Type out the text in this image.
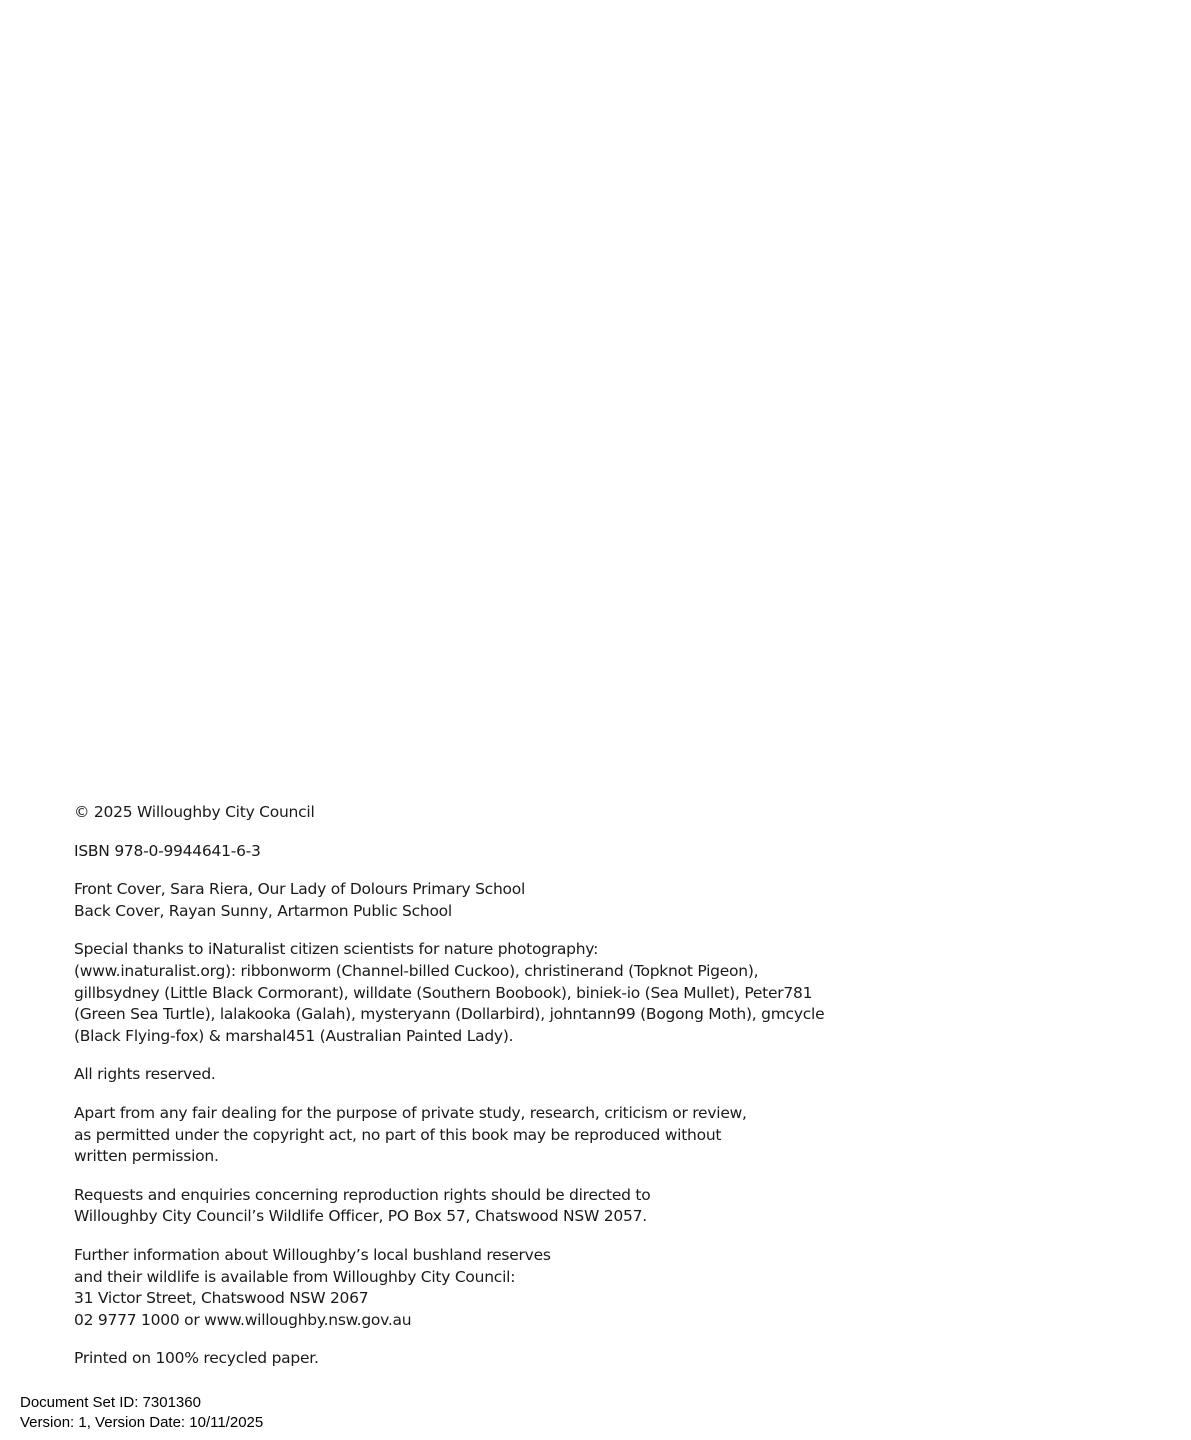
© 2025 Willoughby City Council

ISBN 978-0-9944641-6-3

Front Cover, Sara Riera, Our Lady of Dolours Primary School
Back Cover, Rayan Sunny, Artarmon Public School

Special thanks to iNaturalist citizen scientists for nature photography:
(www.inaturalist.org): ribbonworm (Channel-billed Cuckoo), christinerand (Topknot Pigeon),
gillbsydney (Little Black Cormorant), willdate (Southern Boobook), biniek-io (Sea Mullet), Peter781
(Green Sea Turtle), lalakooka (Galah), mysteryann (Dollarbird), johntann99 (Bogong Moth), gmcycle
(Black Flying-fox) & marshal451 (Australian Painted Lady).

All rights reserved.

Apart from any fair dealing for the purpose of private study, research, criticism or review,
as permitted under the copyright act, no part of this book may be reproduced without
written permission.

Requests and enquiries concerning reproduction rights should be directed to
Willoughby City Council’s Wildlife Officer, PO Box 57, Chatswood NSW 2057.

Further information about Willoughby’s local bushland reserves
and their wildlife is available from Willoughby City Council:
31 Victor Street, Chatswood NSW 2067
02 9777 1000 or www.willoughby.nsw.gov.au

Printed on 100% recycled paper.

Document Set ID: 7301360
Version: 1, Version Date: 10/11/2025
